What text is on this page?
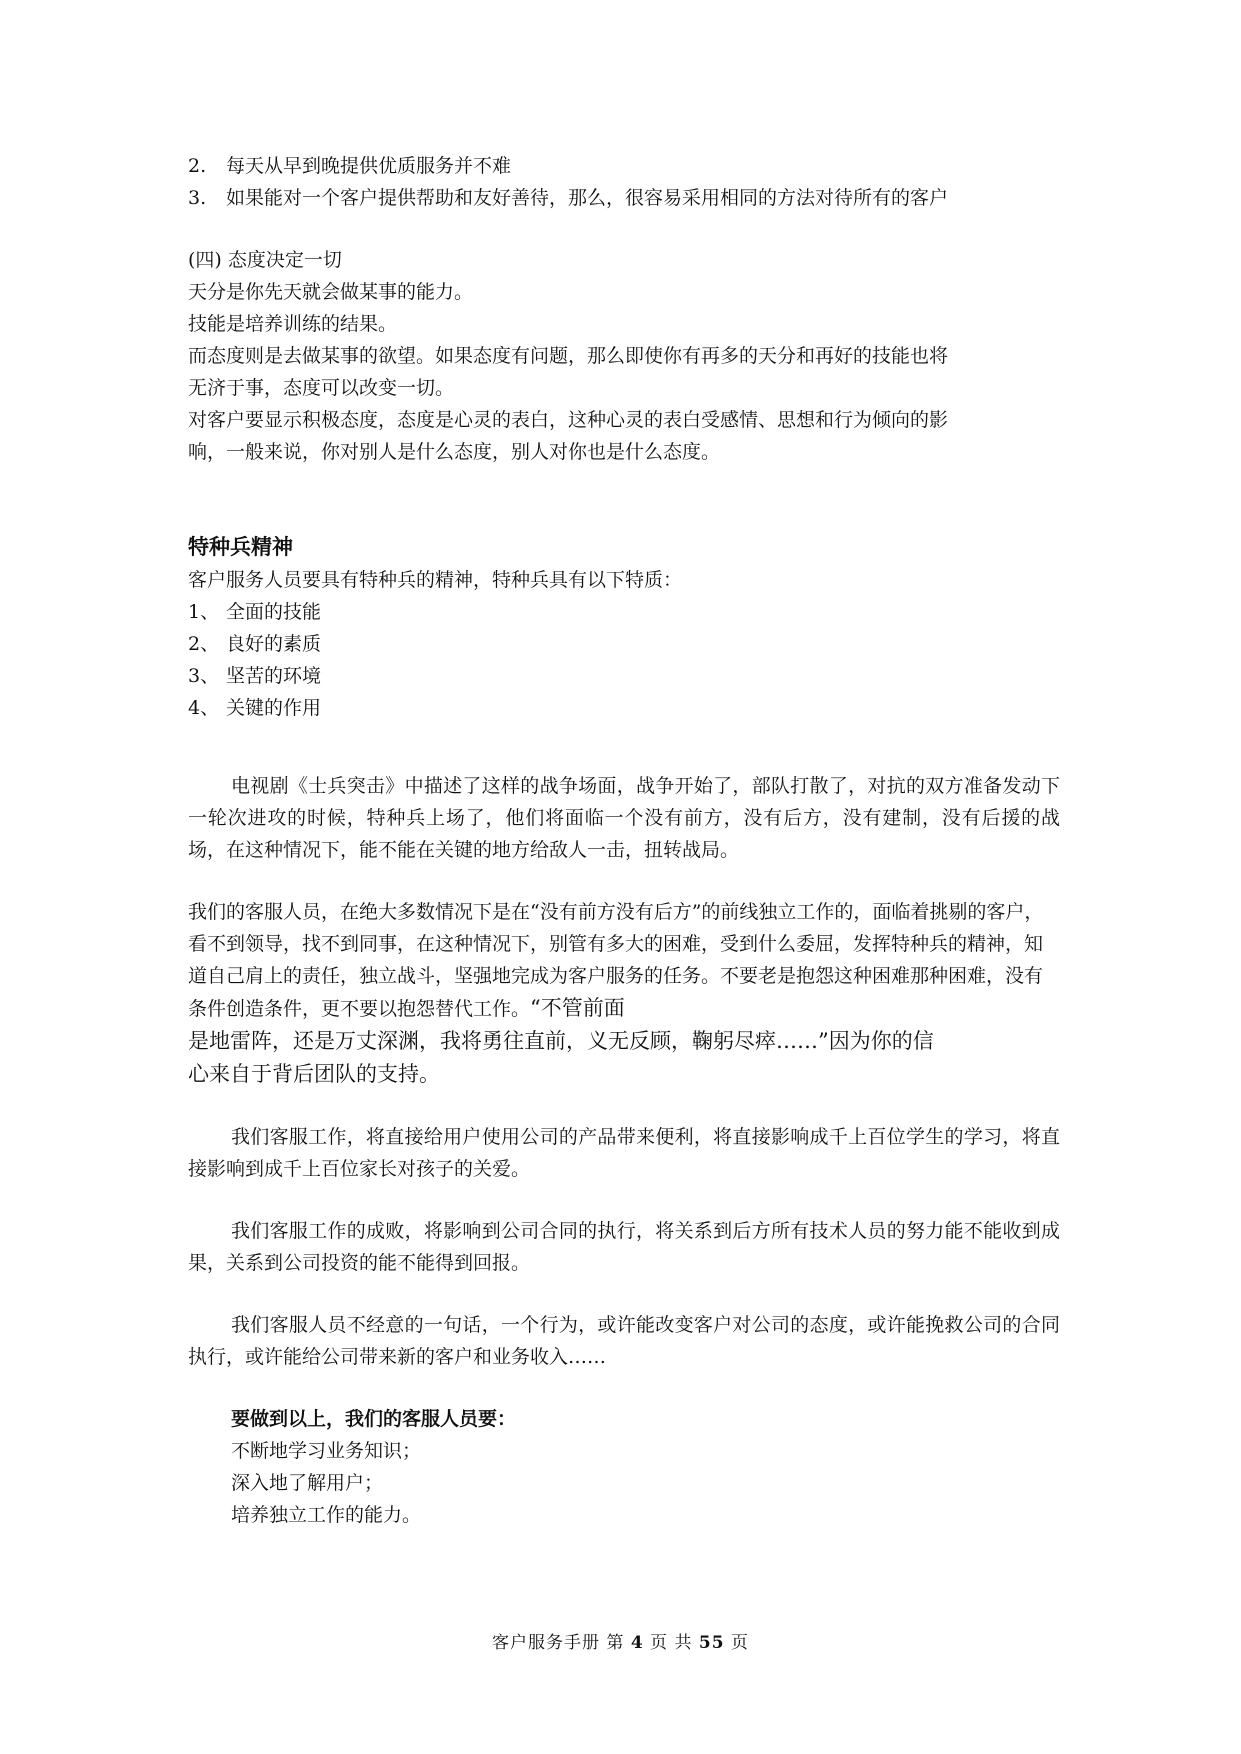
2.	每天从早到晚提供优质服务并不难
3.	如果能对一个客户提供帮助和友好善待，那么，很容易采用相同的方法对待所有的客户
(四) 态度决定一切
天分是你先天就会做某事的能力。
技能是培养训练的结果。
而态度则是去做某事的欲望。如果态度有问题，那么即使你有再多的天分和再好的技能也将
无济于事，态度可以改变一切。
对客户要显示积极态度，态度是心灵的表白，这种心灵的表白受感情、思想和行为倾向的影
响，一般来说，你对别人是什么态度，别人对你也是什么态度。
特种兵精神
客户服务人员要具有特种兵的精神，特种兵具有以下特质：
1、 全面的技能
2、 良好的素质
3、 坚苦的环境
4、 关键的作用

电视剧《士兵突击》中描述了这样的战争场面，战争开始了，部队打散了，对抗的双方准备发动下一轮次进攻的时候，特种兵上场了，他们将面临一个没有前方，没有后方，没有建制，没有后援的战场，在这种情况下，能不能在关键的地方给敌人一击，扭转战局。

我们的客服人员，在绝大多数情况下是在“没有前方没有后方”的前线独立工作的，面临着挑剔的客户，看不到领导，找不到同事，在这种情况下，别管有多大的困难，受到什么委屈，发挥特种兵的精神，知道自己肩上的责任，独立战斗，坚强地完成为客户服务的任务。不要老是抱怨这种困难那种困难，没有条件创造条件，更不要以抱怨替代工作。

“不管前面
是地雷阵，还是万丈深渊，我将勇往直前，义无反顾，鞠躬尽瘁……”因为你的信
心来自于背后团队的支持。

我们客服工作，将直接给用户使用公司的产品带来便利，将直接影响成千上百位学生的学习，将直接影响到成千上百位家长对孩子的关爱。

我们客服工作的成败，将影响到公司合同的执行，将关系到后方所有技术人员的努力能不能收到成果，关系到公司投资的能不能得到回报。

我们客服人员不经意的一句话，一个行为，或许能改变客户对公司的态度，或许能挽救公司的合同执行，或许能给公司带来新的客户和业务收入……

要做到以上，我们的客服人员要：
不断地学习业务知识；
深入地了解用户；
培养独立工作的能力。
客户服务手册 第 4 页 共 55 页
